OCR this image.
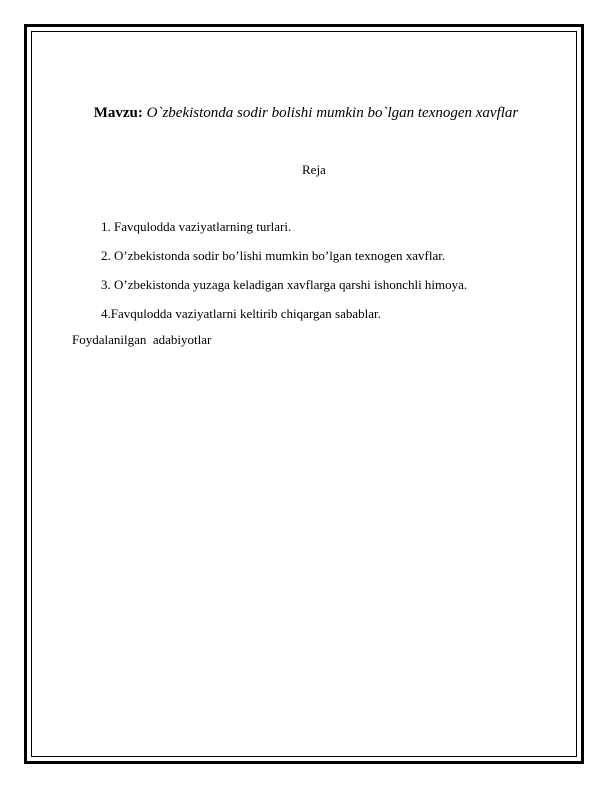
Mavzu: O`zbekistonda sodir bolishi mumkin bo`lgan texnogen xavflar
Reja
1. Favqulodda vaziyatlarning turlari.
2. O’zbekistonda sodir bo’lishi mumkin bo’lgan texnogen xavflar.
3. O’zbekistonda yuzaga keladigan xavflarga qarshi ishonchli himoya.
4.Favqulodda vaziyatlarni keltirib chiqargan sabablar.
Foydalanilgan  adabiyotlar
